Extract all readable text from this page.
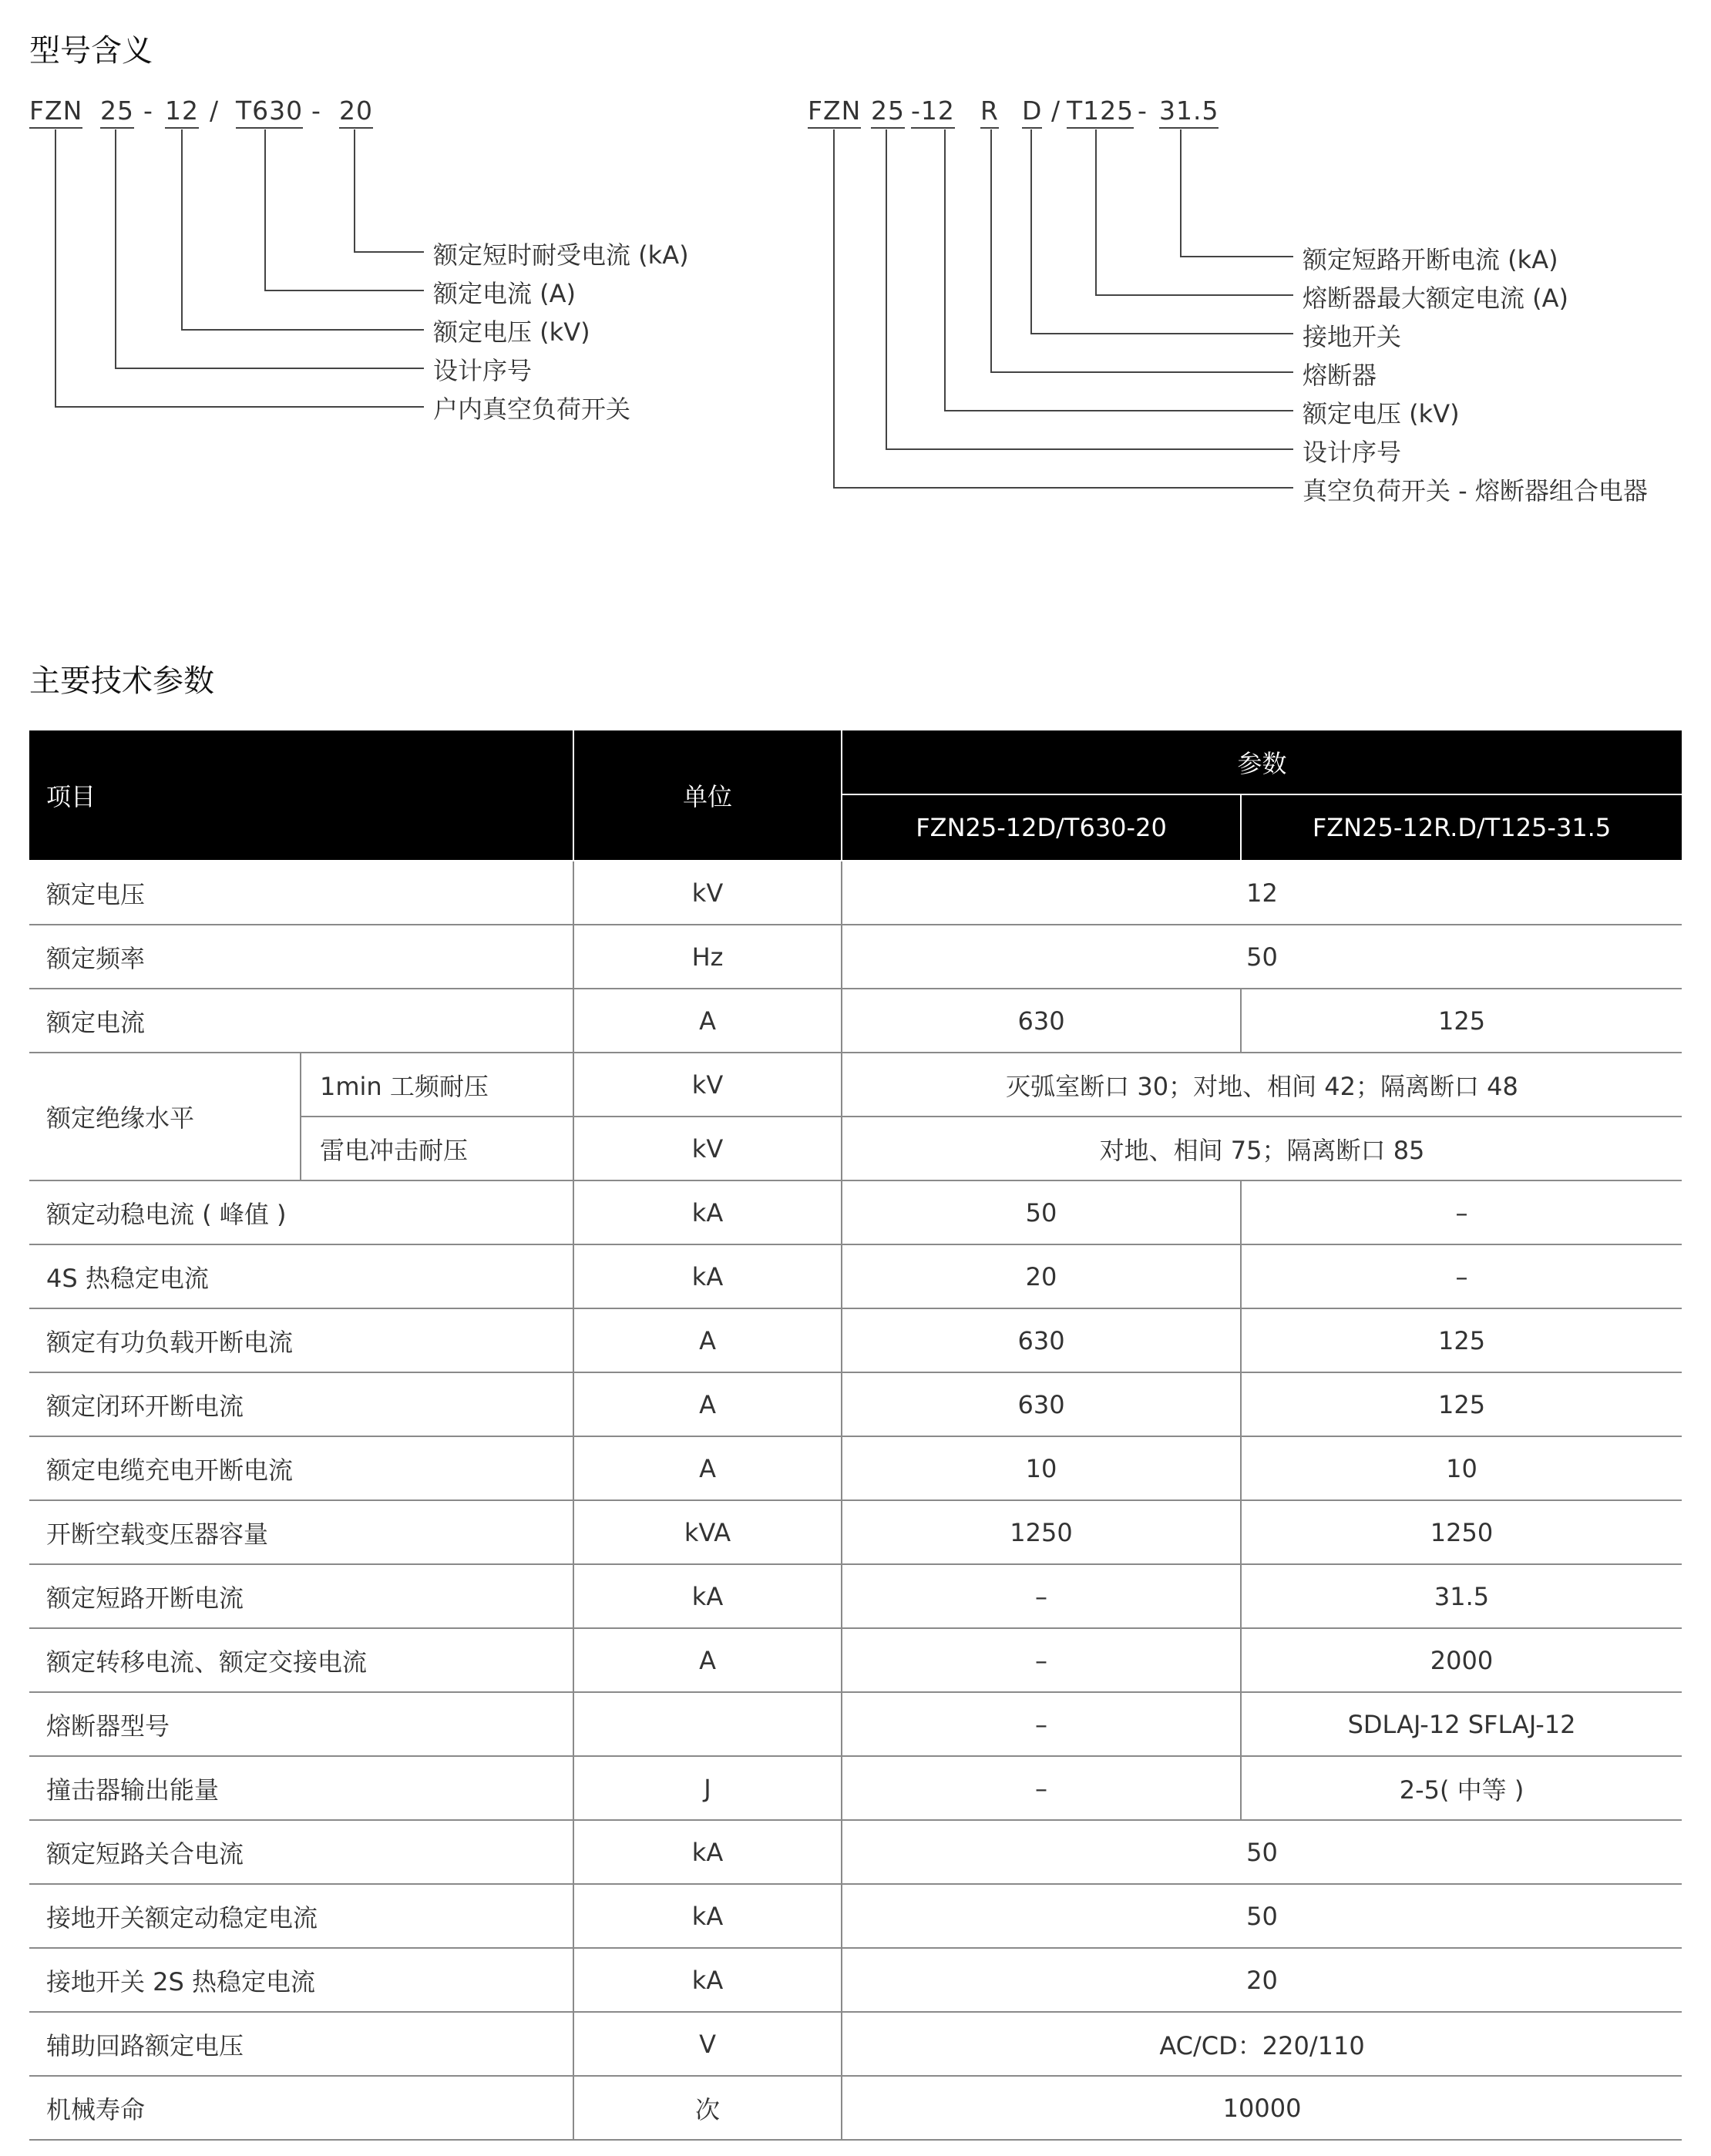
型号含义
FZN 25 - 12 / T630 - 20	FZN 25 -12 R D / T125 - 31.5
额定短时耐受电流 (kA)
额定电流 (A)
额定电压 (kV)
设计序号
户内真空负荷开关
额定短路开断电流 (kA)
熔断器最大额定电流 (A)
接地开关
熔断器
额定电压 (kV)
设计序号
真空负荷开关 - 熔断器组合电器
主要技术参数
项目		单位	参数	
			FZN25-12D/T630-20	FZN25-12R.D/T125-31.5
额定电压		kV	12	
额定频率		Hz	50	
额定电流		A	630	125
额定绝缘水平	1min 工频耐压	kV	灭弧室断口 30；对地、相间 42；隔离断口 48	
	雷电冲击耐压	kV	对地、相间 75；隔离断口 85	
额定动稳电流 ( 峰值 )		kA	50	–
4S 热稳定电流		kA	20	–
额定有功负载开断电流		A	630	125
额定闭环开断电流		A	630	125
额定电缆充电开断电流		A	10	10
开断空载变压器容量		kVA	1250	1250
额定短路开断电流		kA	–	31.5
额定转移电流、额定交接电流		A	–	2000
熔断器型号			–	SDLAJ-12 SFLAJ-12
撞击器输出能量		J	–	2-5( 中等 )
额定短路关合电流		kA	50	
接地开关额定动稳定电流		kA	50	
接地开关 2S 热稳定电流		kA	20	
辅助回路额定电压		V	AC/CD：220/110	
机械寿命		次	10000	
